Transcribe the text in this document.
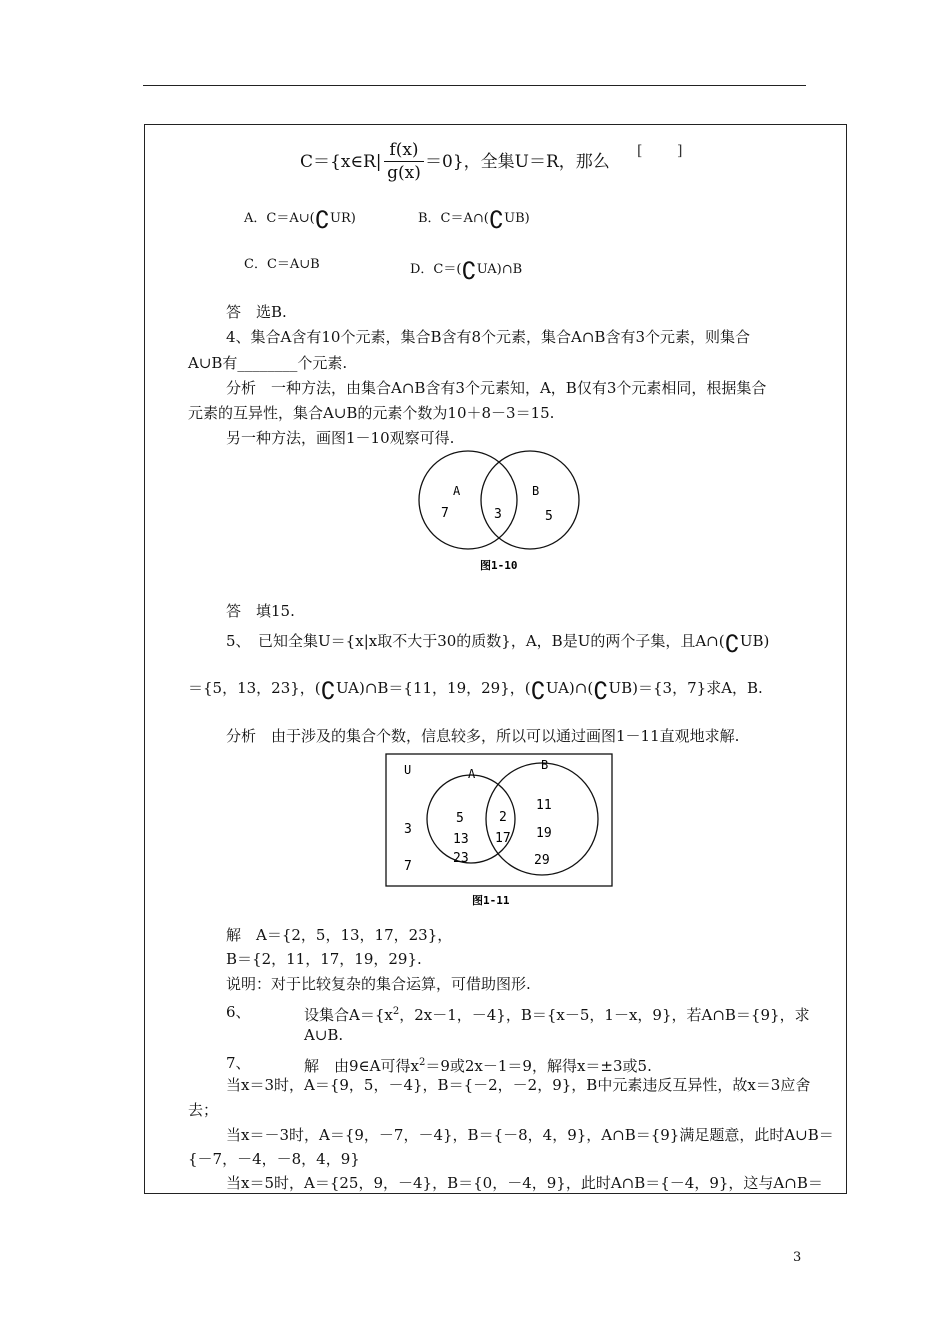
C＝{x∈R|
f(x)
g(x)
＝0}，全集U＝R，那么
[ ]
A．C＝A∪(∁UR)	B．C＝A∩(∁UB)
C．C＝A∪B	D．C＝(∁UA)∩B
答　选B.
4、集合A含有10个元素，集合B含有8个元素，集合A∩B含有3个元素，则集合
A∪B有________个元素.
分析　一种方法，由集合A∩B含有3个元素知，A，B仅有3个元素相同，根据集合
元素的互异性，集合A∪B的元素个数为10＋8－3＝15.
另一种方法，画图1－10观察可得.
A	B
7	3	5
图1-10
答　填15.
5、　已知全集U＝{x|x取不大于30的质数}，A，B是U的两个子集，且A∩(∁UB)
＝{5，13，23}，(∁UA)∩B＝{11，19，29}，(∁UA)∩(∁UB)＝{3，7}求A，B.
分析　由于涉及的集合个数，信息较多，所以可以通过画图1－11直观地求解.
U	A
B
3
7
5
13
23
2
17
11
19
29
图1-11
解　A＝{2，5，13，17，23}，
B＝{2，11，17，19，29}.
说明：对于比较复杂的集合运算，可借助图形.
6、	设集合$A=\{x^2$，2x－1，－4}，B＝{x－5，1－x，9}，若A∩B＝{9}，求
A∪B.
7、	解　由9∈A可得$x^2=9$或2x－1＝9，解得x＝±3或5.
当x＝3时，A＝{9，5，－4}，B＝{－2，－2，9}，B中元素违反互异性，故x＝3应舍
去；
当x＝－3时，A＝{9，－7，－4}，B＝{－8，4，9}，A∩B＝{9}满足题意，此时A∪B＝
{－7，－4，－8，4，9}
当x＝5时，A＝{25，9，－4}，B＝{0，－4，9}，此时A∩B＝{－4，9}，这与A∩B＝
3
